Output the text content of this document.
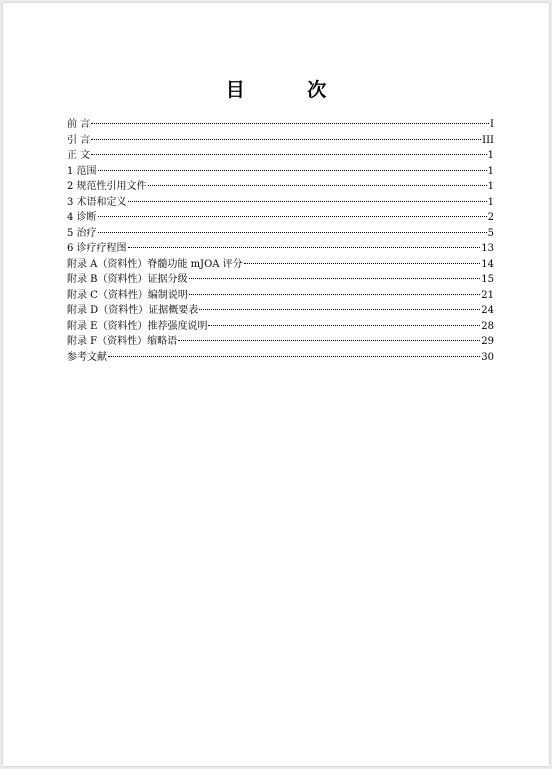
目 次
前 言	I
引 言	III
正 文	1
1 范围	1
2 规范性引用文件	1
3 术语和定义	1
4 诊断	2
5 治疗	5
6 诊疗疗程图	13
附录 A（资料性）脊髓功能 mJOA 评分	14
附录 B（资料性）证据分级	15
附录 C（资料性）编制说明	21
附录 D（资料性）证据概要表	24
附录 E（资料性）推荐强度说明	28
附录 F（资料性）缩略语	29
参考文献	30
